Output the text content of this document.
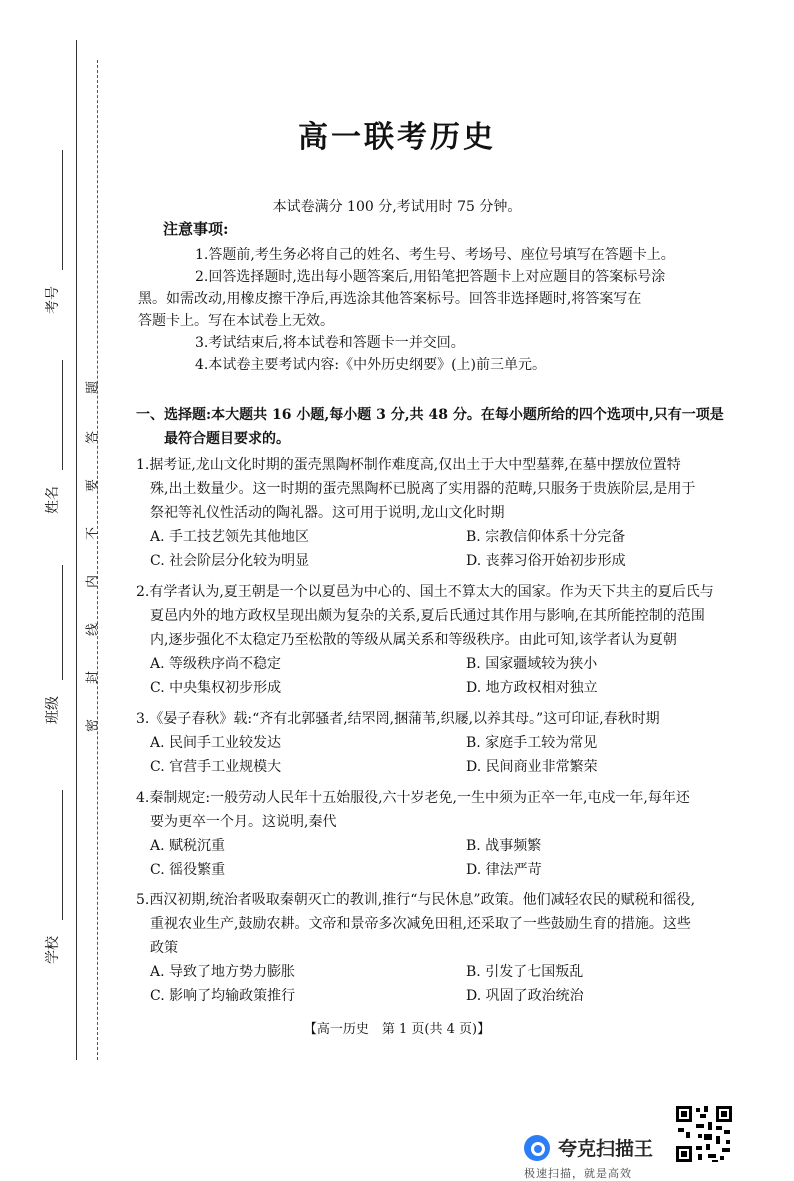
考号
姓名
班级
学校
题
答
要
不
内
线
封
密
高一联考历史
本试卷满分 100 分,考试用时 75 分钟。
注意事项:
1.答题前,考生务必将自己的姓名、考生号、考场号、座位号填写在答题卡上。
2.回答选择题时,选出每小题答案后,用铅笔把答题卡上对应题目的答案标号涂
黑。如需改动,用橡皮擦干净后,再选涂其他答案标号。回答非选择题时,将答案写在
答题卡上。写在本试卷上无效。
3.考试结束后,将本试卷和答题卡一并交回。
4.本试卷主要考试内容:《中外历史纲要》(上)前三单元。
一、选择题:本大题共 16 小题,每小题 3 分,共 48 分。在每小题所给的四个选项中,只有一项是
最符合题目要求的。
1.据考证,龙山文化时期的蛋壳黑陶杯制作难度高,仅出土于大中型墓葬,在墓中摆放位置特
殊,出土数量少。这一时期的蛋壳黑陶杯已脱离了实用器的范畴,只服务于贵族阶层,是用于
祭祀等礼仪性活动的陶礼器。这可用于说明,龙山文化时期
A. 手工技艺领先其他地区	B. 宗教信仰体系十分完备
C. 社会阶层分化较为明显	D. 丧葬习俗开始初步形成
2.有学者认为,夏王朝是一个以夏邑为中心的、国土不算太大的国家。作为天下共主的夏后氏与
夏邑内外的地方政权呈现出颇为复杂的关系,夏后氏通过其作用与影响,在其所能控制的范围
内,逐步强化不太稳定乃至松散的等级从属关系和等级秩序。由此可知,该学者认为夏朝
A. 等级秩序尚不稳定	B. 国家疆域较为狭小
C. 中央集权初步形成	D. 地方政权相对独立
3.《晏子春秋》载:“齐有北郭骚者,结罘罔,捆蒲苇,织屦,以养其母。”这可印证,春秋时期
A. 民间手工业较发达	B. 家庭手工较为常见
C. 官营手工业规模大	D. 民间商业非常繁荣
4.秦制规定:一般劳动人民年十五始服役,六十岁老免,一生中须为正卒一年,屯戍一年,每年还
要为更卒一个月。这说明,秦代
A. 赋税沉重	B. 战事频繁
C. 徭役繁重	D. 律法严苛
5.西汉初期,统治者吸取秦朝灭亡的教训,推行“与民休息”政策。他们减轻农民的赋税和徭役,
重视农业生产,鼓励农耕。文帝和景帝多次减免田租,还采取了一些鼓励生育的措施。这些
政策
A. 导致了地方势力膨胀	B. 引发了七国叛乱
C. 影响了均输政策推行	D. 巩固了政治统治
【高一历史　第 1 页(共 4 页)】
夸克扫描王
极速扫描，就是高效
